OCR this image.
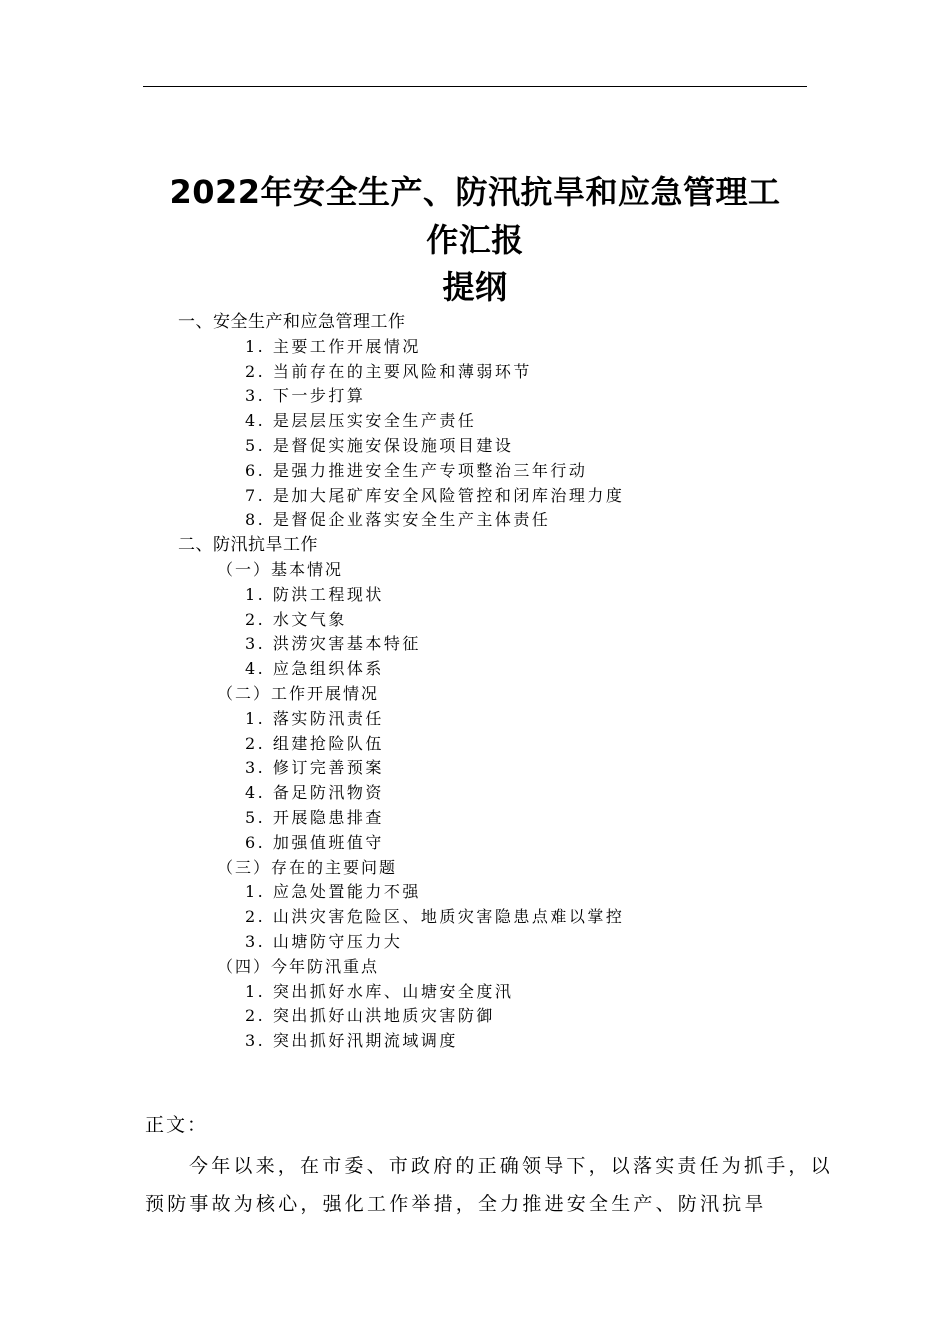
2022年安全生产、防汛抗旱和应急管理工
作汇报
提纲
一、安全生产和应急管理工作
1. 主要工作开展情况
2. 当前存在的主要风险和薄弱环节
3. 下一步打算
4. 是层层压实安全生产责任
5. 是督促实施安保设施项目建设
6. 是强力推进安全生产专项整治三年行动
7. 是加大尾矿库安全风险管控和闭库治理力度
8. 是督促企业落实安全生产主体责任
二、防汛抗旱工作
（一）基本情况
1. 防洪工程现状
2. 水文气象
3. 洪涝灾害基本特征
4. 应急组织体系
（二）工作开展情况
1. 落实防汛责任
2. 组建抢险队伍
3. 修订完善预案
4. 备足防汛物资
5. 开展隐患排查
6. 加强值班值守
（三）存在的主要问题
1. 应急处置能力不强
2. 山洪灾害危险区、地质灾害隐患点难以掌控
3. 山塘防守压力大
（四）今年防汛重点
1. 突出抓好水库、山塘安全度汛
2. 突出抓好山洪地质灾害防御
3. 突出抓好汛期流域调度
正文：

今年以来，在市委、市政府的正确领导下，以落实责任为抓手，以预防事故为核心，强化工作举措，全力推进安全生产、防汛抗旱
